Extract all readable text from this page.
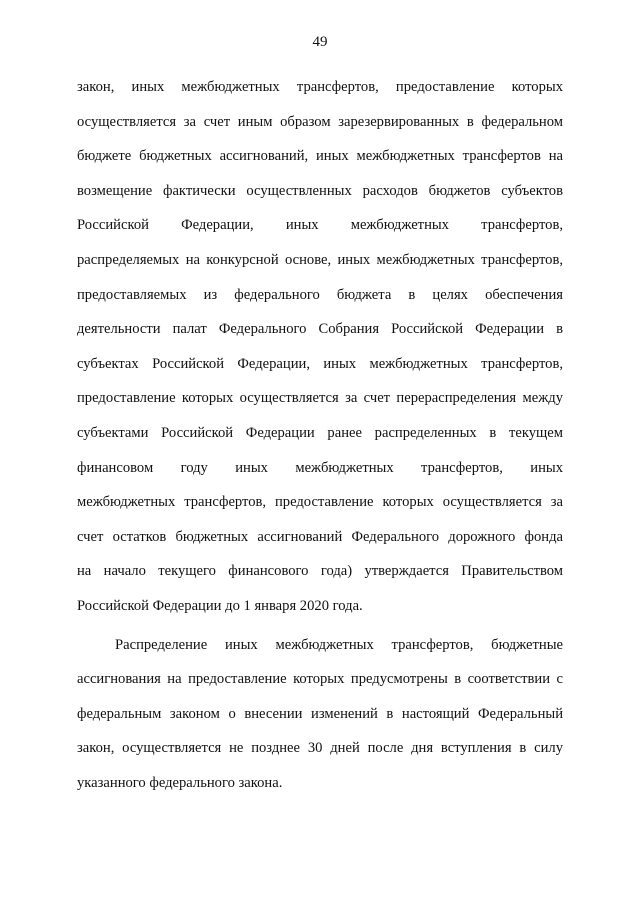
49
закон, иных межбюджетных трансфертов, предоставление которых
осуществляется за счет иным образом зарезервированных в федеральном
бюджете бюджетных ассигнований, иных межбюджетных трансфертов на
возмещение фактически осуществленных расходов бюджетов субъектов
Российской Федерации, иных межбюджетных трансфертов,
распределяемых на конкурсной основе, иных межбюджетных трансфертов,
предоставляемых из федерального бюджета в целях обеспечения
деятельности палат Федерального Собрания Российской Федерации в
субъектах Российской Федерации, иных межбюджетных трансфертов,
предоставление которых осуществляется за счет перераспределения между
субъектами Российской Федерации ранее распределенных в текущем
финансовом году иных межбюджетных трансфертов, иных
межбюджетных трансфертов, предоставление которых осуществляется за
счет остатков бюджетных ассигнований Федерального дорожного фонда
на начало текущего финансового года) утверждается Правительством
Российской Федерации до 1 января 2020 года.
Распределение иных межбюджетных трансфертов, бюджетные
ассигнования на предоставление которых предусмотрены в соответствии с
федеральным законом о внесении изменений в настоящий Федеральный
закон, осуществляется не позднее 30 дней после дня вступления в силу
указанного федерального закона.
